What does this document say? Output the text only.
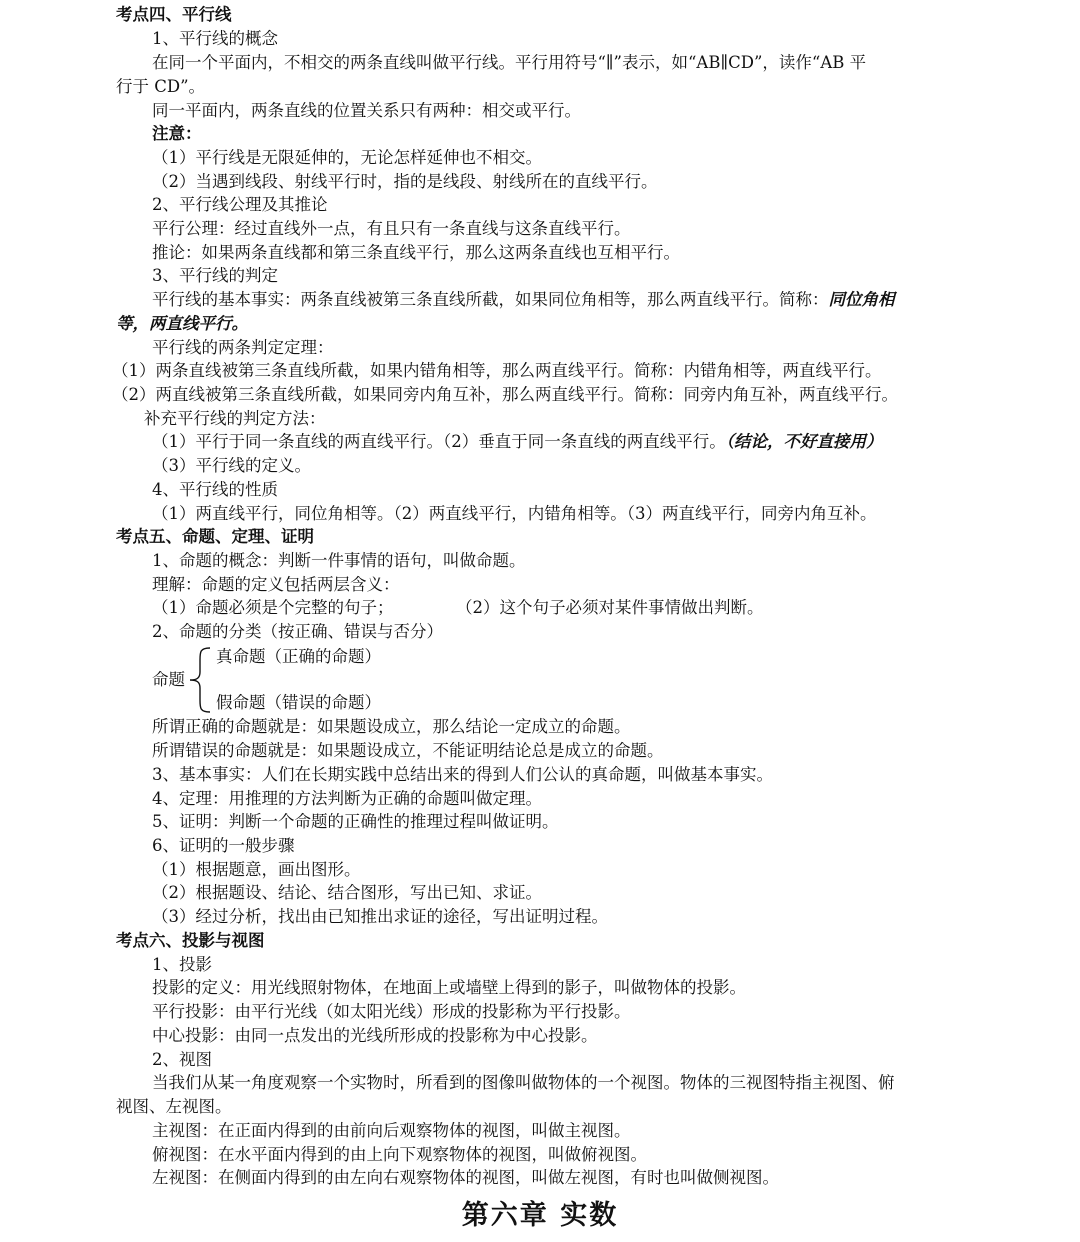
考点四、平行线
1、平行线的概念
在同一个平面内，不相交的两条直线叫做平行线。平行用符号“∥”表示，如“AB∥CD”，读作“AB 平
行于 CD”。
同一平面内，两条直线的位置关系只有两种：相交或平行。
注意：
（1）平行线是无限延伸的，无论怎样延伸也不相交。
（2）当遇到线段、射线平行时，指的是线段、射线所在的直线平行。
2、平行线公理及其推论
平行公理：经过直线外一点，有且只有一条直线与这条直线平行。
推论：如果两条直线都和第三条直线平行，那么这两条直线也互相平行。
3、平行线的判定
平行线的基本事实：两条直线被第三条直线所截，如果同位角相等，那么两直线平行。简称：同位角相
等，两直线平行。
平行线的两条判定定理：
（1）两条直线被第三条直线所截，如果内错角相等，那么两直线平行。简称：内错角相等，两直线平行。
（2）两直线被第三条直线所截，如果同旁内角互补，那么两直线平行。简称：同旁内角互补，两直线平行。
补充平行线的判定方法：
（1）平行于同一条直线的两直线平行。（2）垂直于同一条直线的两直线平行。（结论，不好直接用）
（3）平行线的定义。
4、平行线的性质
（1）两直线平行，同位角相等。（2）两直线平行，内错角相等。（3）两直线平行，同旁内角互补。
考点五、命题、定理、证明
1、命题的概念：判断一件事情的语句，叫做命题。
理解：命题的定义包括两层含义：
（1）命题必须是个完整的句子；	（2）这个句子必须对某件事情做出判断。
2、命题的分类（按正确、错误与否分）
真命题（正确的命题）
命题
假命题（错误的命题）
所谓正确的命题就是：如果题设成立，那么结论一定成立的命题。
所谓错误的命题就是：如果题设成立，不能证明结论总是成立的命题。
3、基本事实：人们在长期实践中总结出来的得到人们公认的真命题，叫做基本事实。
4、定理：用推理的方法判断为正确的命题叫做定理。
5、证明：判断一个命题的正确性的推理过程叫做证明。
6、证明的一般步骤
（1）根据题意，画出图形。
（2）根据题设、结论、结合图形，写出已知、求证。
（3）经过分析，找出由已知推出求证的途径，写出证明过程。
考点六、投影与视图
1、投影
投影的定义：用光线照射物体，在地面上或墙壁上得到的影子，叫做物体的投影。
平行投影：由平行光线（如太阳光线）形成的投影称为平行投影。
中心投影：由同一点发出的光线所形成的投影称为中心投影。
2、视图
当我们从某一角度观察一个实物时，所看到的图像叫做物体的一个视图。物体的三视图特指主视图、俯
视图、左视图。
主视图：在正面内得到的由前向后观察物体的视图，叫做主视图。
俯视图：在水平面内得到的由上向下观察物体的视图，叫做俯视图。
左视图：在侧面内得到的由左向右观察物体的视图，叫做左视图，有时也叫做侧视图。
第六章 实数
